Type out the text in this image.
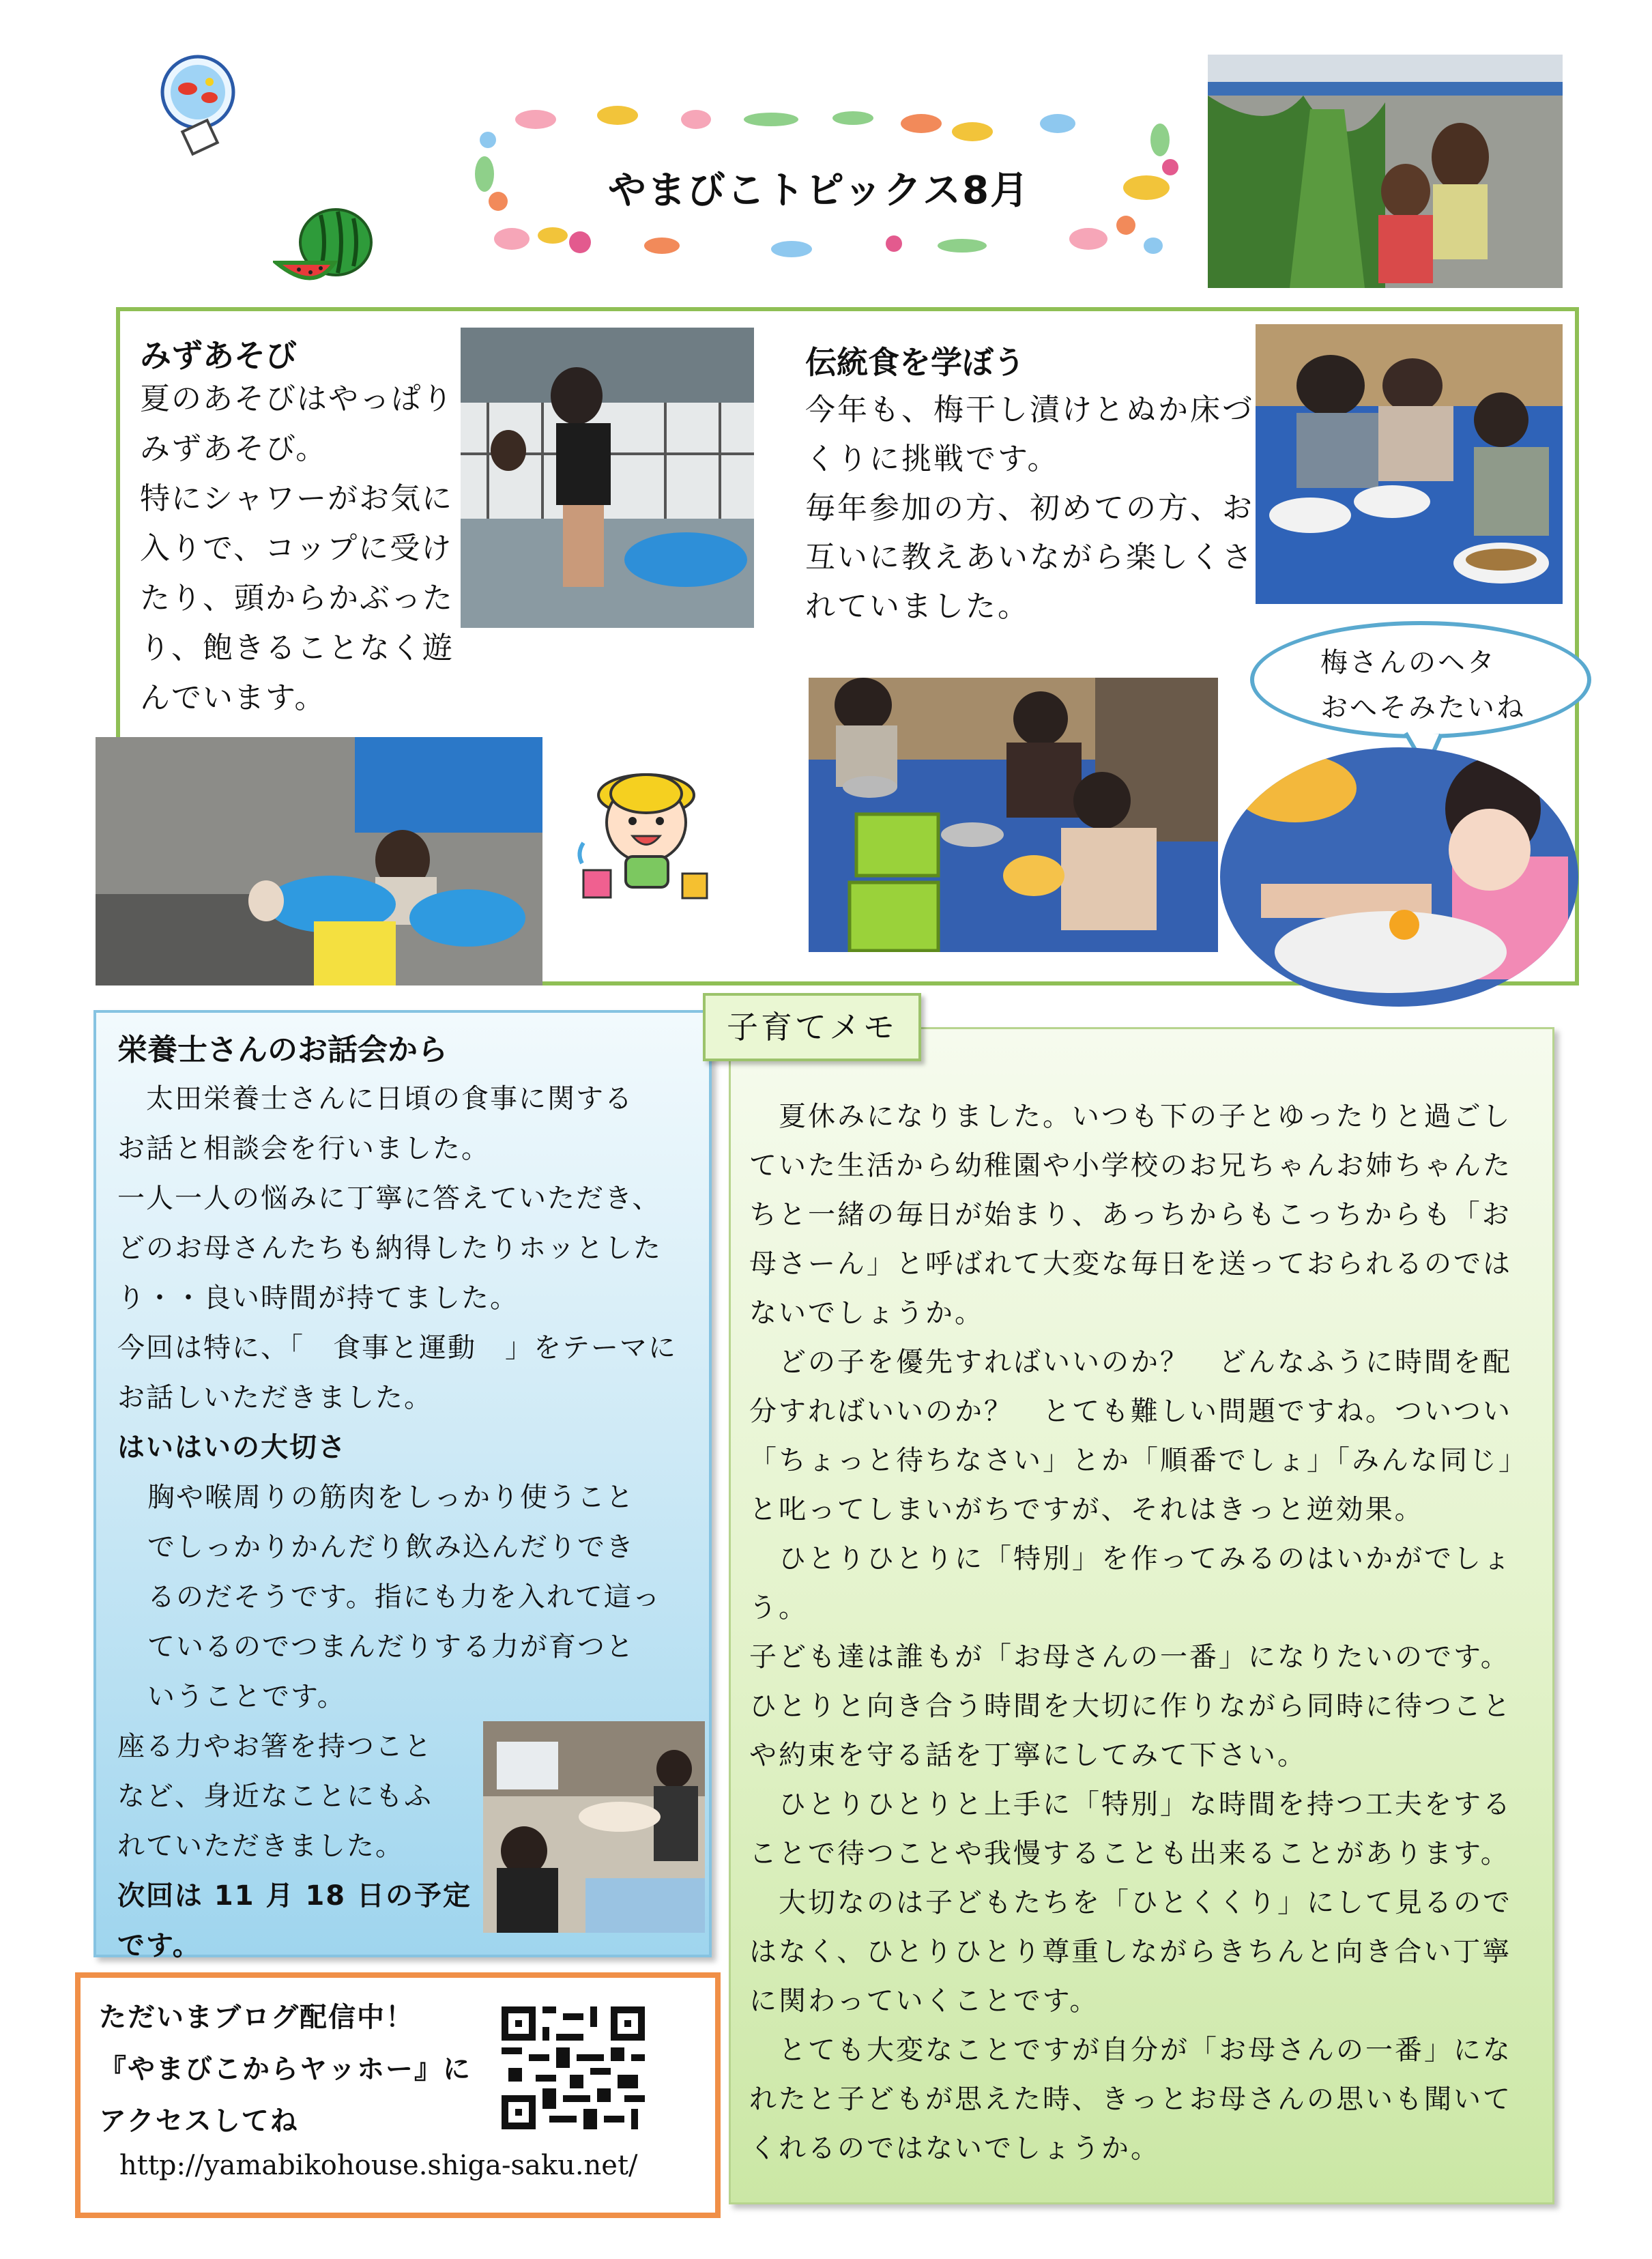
やまびこトピックス8月
みずあそび
夏のあそびはやっぱり
みずあそび。
特にシャワーがお気に
入りで、コップに受け
たり、頭からかぶった
り、飽きることなく遊
んでいます。
伝統食を学ぼう
今年も、梅干し漬けとぬか床づ
くりに挑戦です。
毎年参加の方、初めての方、お
互いに教えあいながら楽しくさ
れていました。
梅さんのヘタ
おへそみたいね
栄養士さんのお話会から
　太田栄養士さんに日頃の食事に関する
お話と相談会を行いました。
一人一人の悩みに丁寧に答えていただき、
どのお母さんたちも納得したりホッとした
り・・良い時間が持てました。
今回は特に、「　食事と運動　」をテーマに
お話しいただきました。
はいはいの大切さ
胸や喉周りの筋肉をしっかり使うこと
でしっかりかんだり飲み込んだりでき
るのだそうです。指にも力を入れて這っ
ているのでつまんだりする力が育つと
いうことです。
座る力やお箸を持つこと
など、身近なことにもふ
れていただきました。
次回は 11 月 18 日の予定
です。
ただいまブログ配信中！
『やまびこからヤッホー』に
アクセスしてね
http://yamabikohouse.shiga-saku.net/
子育てメモ
　夏休みになりました。いつも下の子とゆったりと過ごし
ていた生活から幼稚園や小学校のお兄ちゃんお姉ちゃんた
ちと一緒の毎日が始まり、あっちからもこっちからも「お
母さーん」と呼ばれて大変な毎日を送っておられるのでは
ないでしょうか。
　どの子を優先すればいいのか？　どんなふうに時間を配
分すればいいのか？　とても難しい問題ですね。ついつい
「ちょっと待ちなさい」とか「順番でしょ」「みんな同じ」
と叱ってしまいがちですが、それはきっと逆効果。
　ひとりひとりに「特別」を作ってみるのはいかがでしょ
う。
子ども達は誰もが「お母さんの一番」になりたいのです。
ひとりと向き合う時間を大切に作りながら同時に待つこと
や約束を守る話を丁寧にしてみて下さい。
　ひとりひとりと上手に「特別」な時間を持つ工夫をする
ことで待つことや我慢することも出来ることがあります。
　大切なのは子どもたちを「ひとくくり」にして見るので
はなく、ひとりひとり尊重しながらきちんと向き合い丁寧
に関わっていくことです。
　とても大変なことですが自分が「お母さんの一番」にな
れたと子どもが思えた時、きっとお母さんの思いも聞いて
くれるのではないでしょうか。
